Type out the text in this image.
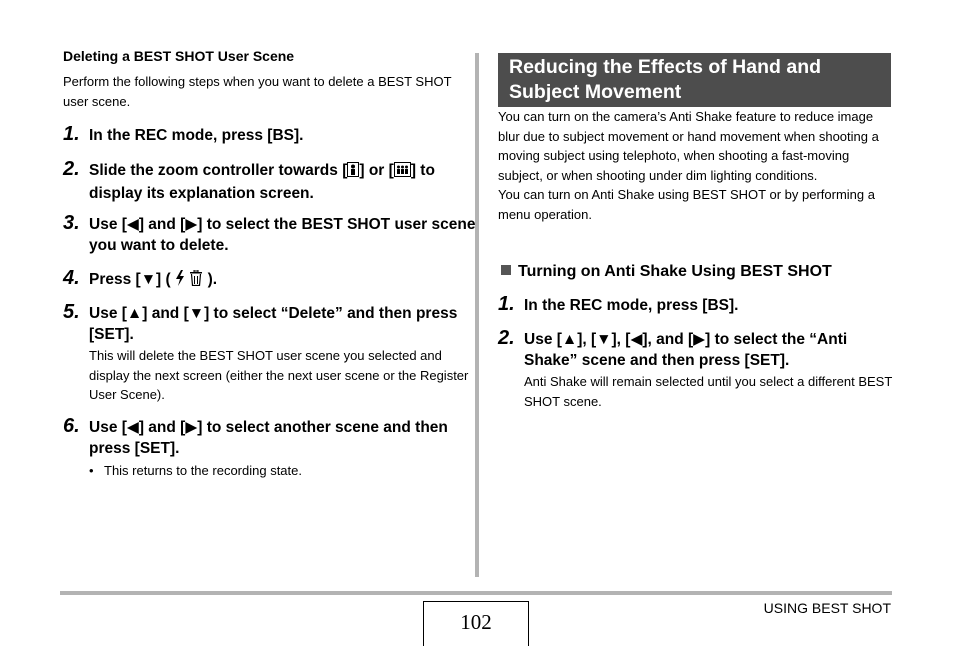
Deleting a BEST SHOT User Scene
Perform the following steps when you want to delete a BEST SHOT user scene.
1. In the REC mode, press [BS].
2. Slide the zoom controller towards [ ] or [ ] to display its explanation screen.
3. Use [◀] and [▶] to select the BEST SHOT user scene you want to delete.
4. Press [▼] ( ).
5. Use [▲] and [▼] to select “Delete” and then press [SET].
This will delete the BEST SHOT user scene you selected and display the next screen (either the next user scene or the Register User Scene).
6. Use [◀] and [▶] to select another scene and then press [SET].
• This returns to the recording state.
Reducing the Effects of Hand and Subject Movement
You can turn on the camera’s Anti Shake feature to reduce image blur due to subject movement or hand movement when shooting a moving subject using telephoto, when shooting a fast-moving subject, or when shooting under dim lighting conditions.
You can turn on Anti Shake using BEST SHOT or by performing a menu operation.
Turning on Anti Shake Using BEST SHOT
1. In the REC mode, press [BS].
2. Use [▲], [▼], [◀], and [▶] to select the “Anti Shake” scene and then press [SET].
Anti Shake will remain selected until you select a different BEST SHOT scene.
102
USING BEST SHOT
